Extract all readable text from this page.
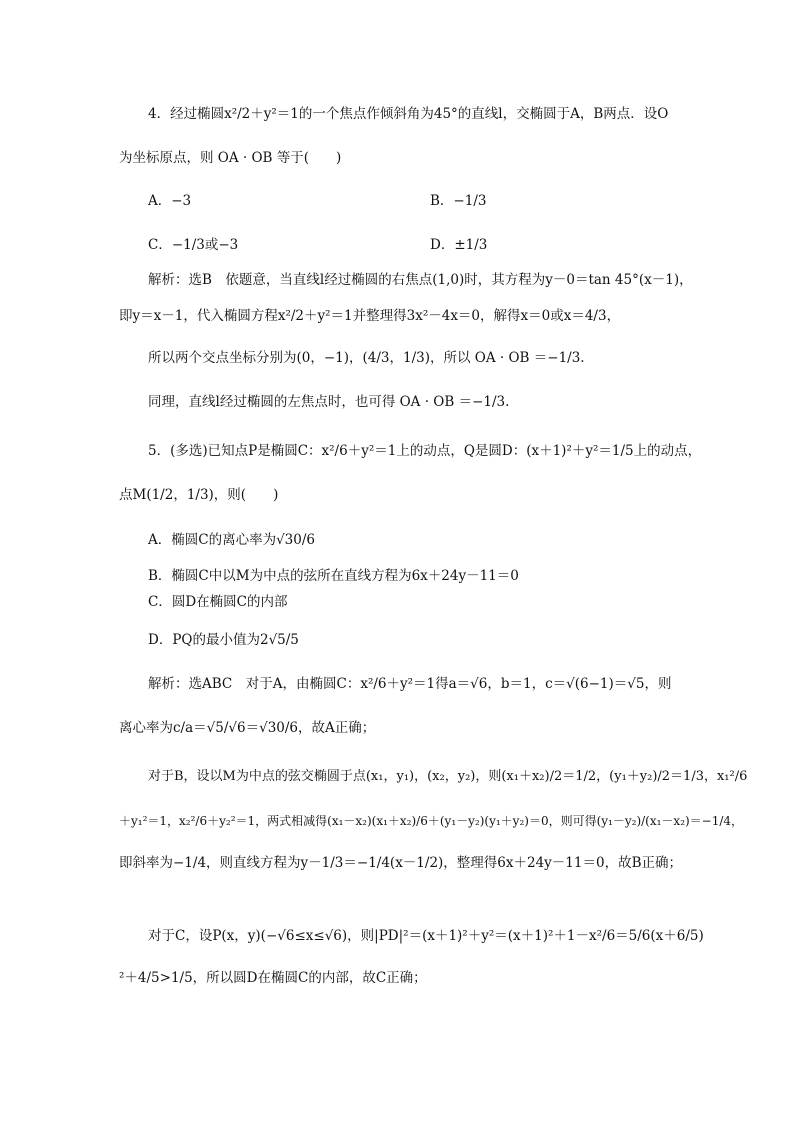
4．经过椭圆x²/2＋y²＝1的一个焦点作倾斜角为45°的直线l，交椭圆于A，B两点．设O
为坐标原点，则 OA · OB 等于(　　)
A．−3	B．−1/3
C．−1/3或−3	D．±1/3
解析：选B　依题意，当直线l经过椭圆的右焦点(1,0)时，其方程为y－0＝tan 45°(x－1)，
即y＝x－1，代入椭圆方程x²/2＋y²＝1并整理得3x²－4x＝0，解得x＝0或x＝4/3，
所以两个交点坐标分别为(0，−1)，(4/3，1/3)，所以 OA · OB ＝−1/3.
同理，直线l经过椭圆的左焦点时，也可得 OA · OB ＝−1/3.
5．(多选)已知点P是椭圆C：x²/6＋y²＝1上的动点，Q是圆D：(x＋1)²＋y²＝1/5上的动点，
点M(1/2，1/3)，则(　　)
A．椭圆C的离心率为√30/6
B．椭圆C中以M为中点的弦所在直线方程为6x＋24y－11＝0
C．圆D在椭圆C的内部
D．PQ的最小值为2√5/5
解析：选ABC　对于A，由椭圆C：x²/6＋y²＝1得a＝√6，b＝1，c＝√(6−1)＝√5，则
离心率为c/a＝√5/√6＝√30/6，故A正确；
对于B，设以M为中点的弦交椭圆于点(x₁，y₁)，(x₂，y₂)，则(x₁＋x₂)/2＝1/2，(y₁＋y₂)/2＝1/3，x₁²/6
＋y₁²＝1，x₂²/6＋y₂²＝1，两式相减得(x₁－x₂)(x₁＋x₂)/6＋(y₁－y₂)(y₁＋y₂)＝0，则可得(y₁－y₂)/(x₁－x₂)＝−1/4，
即斜率为−1/4，则直线方程为y－1/3＝−1/4(x－1/2)，整理得6x＋24y－11＝0，故B正确；
对于C，设P(x，y)(−√6≤x≤√6)，则|PD|²＝(x＋1)²＋y²＝(x＋1)²＋1－x²/6＝5/6(x＋6/5)
²＋4/5>1/5，所以圆D在椭圆C的内部，故C正确；
